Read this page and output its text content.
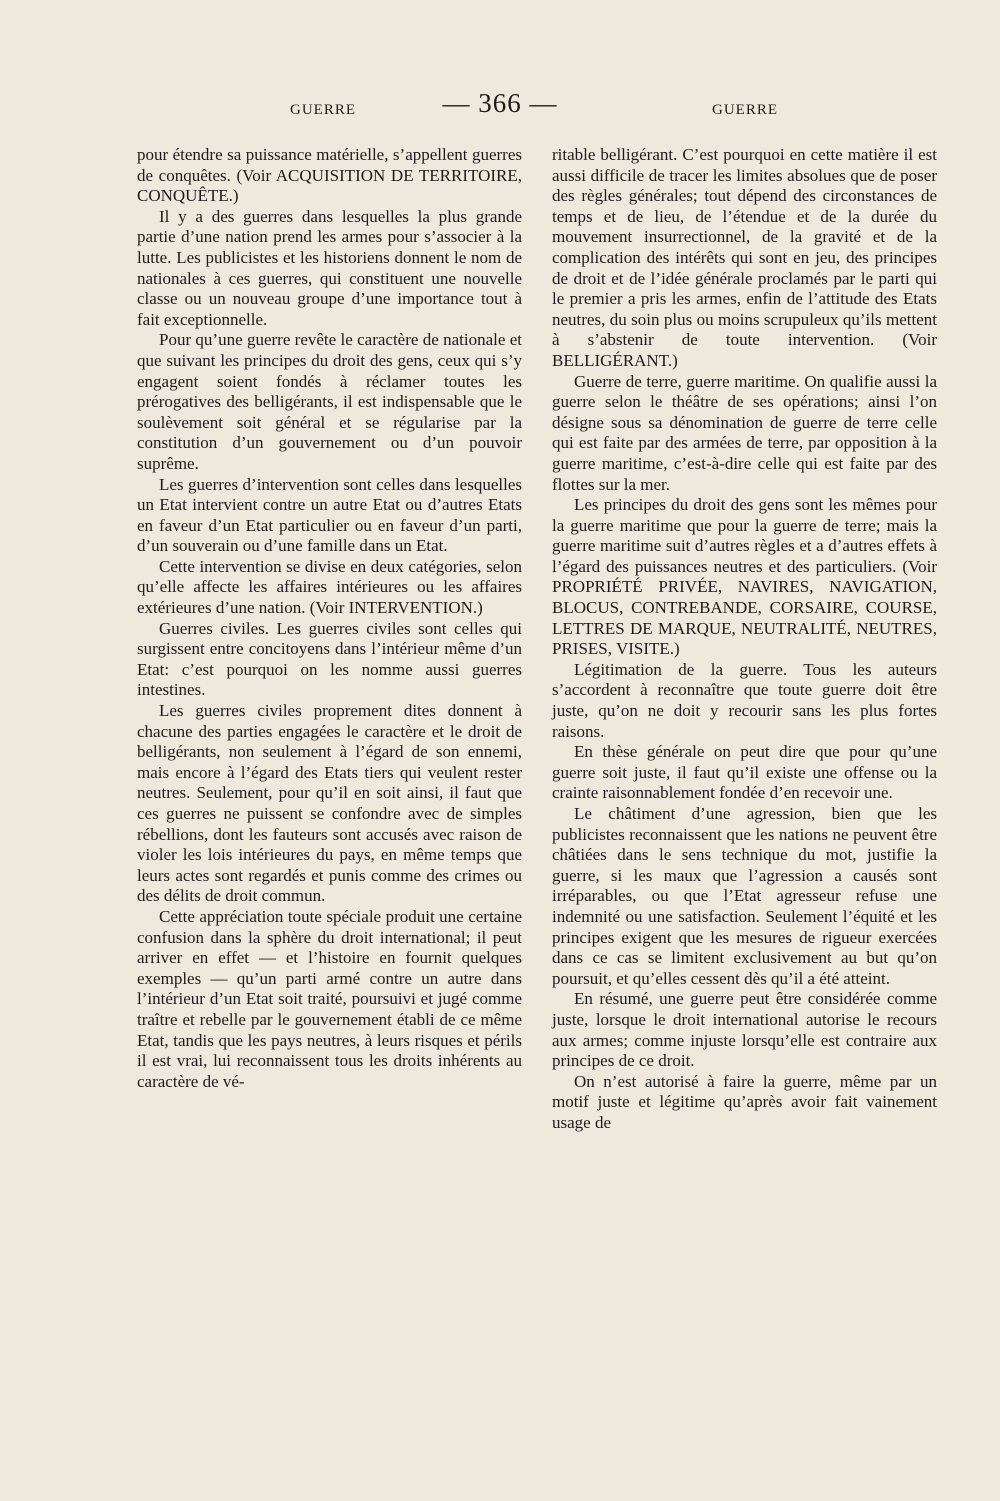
GUERRE	— 366 —	GUERRE

pour étendre sa puissance matérielle, s’appellent guerres de conquêtes. (Voir ACQUISITION DE TERRITOIRE, CONQUÊTE.)

Il y a des guerres dans lesquelles la plus grande partie d’une nation prend les armes pour s’associer à la lutte. Les publicistes et les historiens donnent le nom de nationales à ces guerres, qui constituent une nouvelle classe ou un nouveau groupe d’une importance tout à fait exceptionnelle.

Pour qu’une guerre revête le caractère de nationale et que suivant les principes du droit des gens, ceux qui s’y engagent soient fondés à réclamer toutes les prérogatives des belligérants, il est indispensable que le soulèvement soit général et se régularise par la constitution d’un gouvernement ou d’un pouvoir suprême.

Les guerres d’intervention sont celles dans lesquelles un Etat intervient contre un autre Etat ou d’autres Etats en faveur d’un Etat particulier ou en faveur d’un parti, d’un souverain ou d’une famille dans un Etat.

Cette intervention se divise en deux catégories, selon qu’elle affecte les affaires intérieures ou les affaires extérieures d’une nation. (Voir INTERVENTION.)

Guerres civiles. Les guerres civiles sont celles qui surgissent entre concitoyens dans l’intérieur même d’un Etat: c’est pourquoi on les nomme aussi guerres intestines.

Les guerres civiles proprement dites donnent à chacune des parties engagées le caractère et le droit de belligérants, non seulement à l’égard de son ennemi, mais encore à l’égard des Etats tiers qui veulent rester neutres. Seulement, pour qu’il en soit ainsi, il faut que ces guerres ne puissent se confondre avec de simples rébellions, dont les fauteurs sont accusés avec raison de violer les lois intérieures du pays, en même temps que leurs actes sont regardés et punis comme des crimes ou des délits de droit commun.

Cette appréciation toute spéciale produit une certaine confusion dans la sphère du droit international; il peut arriver en effet — et l’histoire en fournit quelques exemples — qu’un parti armé contre un autre dans l’intérieur d’un Etat soit traité, poursuivi et jugé comme traître et rebelle par le gouvernement établi de ce même Etat, tandis que les pays neutres, à leurs risques et périls il est vrai, lui reconnaissent tous les droits inhérents au caractère de vé-

ritable belligérant. C’est pourquoi en cette matière il est aussi difficile de tracer les limites absolues que de poser des règles générales; tout dépend des circonstances de temps et de lieu, de l’étendue et de la durée du mouvement insurrectionnel, de la gravité et de la complication des intérêts qui sont en jeu, des principes de droit et de l’idée générale proclamés par le parti qui le premier a pris les armes, enfin de l’attitude des Etats neutres, du soin plus ou moins scrupuleux qu’ils mettent à s’abstenir de toute intervention. (Voir BELLIGÉRANT.)

Guerre de terre, guerre maritime. On qualifie aussi la guerre selon le théâtre de ses opérations; ainsi l’on désigne sous sa dénomination de guerre de terre celle qui est faite par des armées de terre, par opposition à la guerre maritime, c’est-à-dire celle qui est faite par des flottes sur la mer.

Les principes du droit des gens sont les mêmes pour la guerre maritime que pour la guerre de terre; mais la guerre maritime suit d’autres règles et a d’autres effets à l’égard des puissances neutres et des particuliers. (Voir PROPRIÉTÉ PRIVÉE, NAVIRES, NAVIGATION, BLOCUS, CONTREBANDE, CORSAIRE, COURSE, LETTRES DE MARQUE, NEUTRALITÉ, NEUTRES, PRISES, VISITE.)

Légitimation de la guerre. Tous les auteurs s’accordent à reconnaître que toute guerre doit être juste, qu’on ne doit y recourir sans les plus fortes raisons.

En thèse générale on peut dire que pour qu’une guerre soit juste, il faut qu’il existe une offense ou la crainte raisonnablement fondée d’en recevoir une.

Le châtiment d’une agression, bien que les publicistes reconnaissent que les nations ne peuvent être châtiées dans le sens technique du mot, justifie la guerre, si les maux que l’agression a causés sont irréparables, ou que l’Etat agresseur refuse une indemnité ou une satisfaction. Seulement l’équité et les principes exigent que les mesures de rigueur exercées dans ce cas se limitent exclusivement au but qu’on poursuit, et qu’elles cessent dès qu’il a été atteint.

En résumé, une guerre peut être considérée comme juste, lorsque le droit international autorise le recours aux armes; comme injuste lorsqu’elle est contraire aux principes de ce droit.

On n’est autorisé à faire la guerre, même par un motif juste et légitime qu’après avoir fait vainement usage de
